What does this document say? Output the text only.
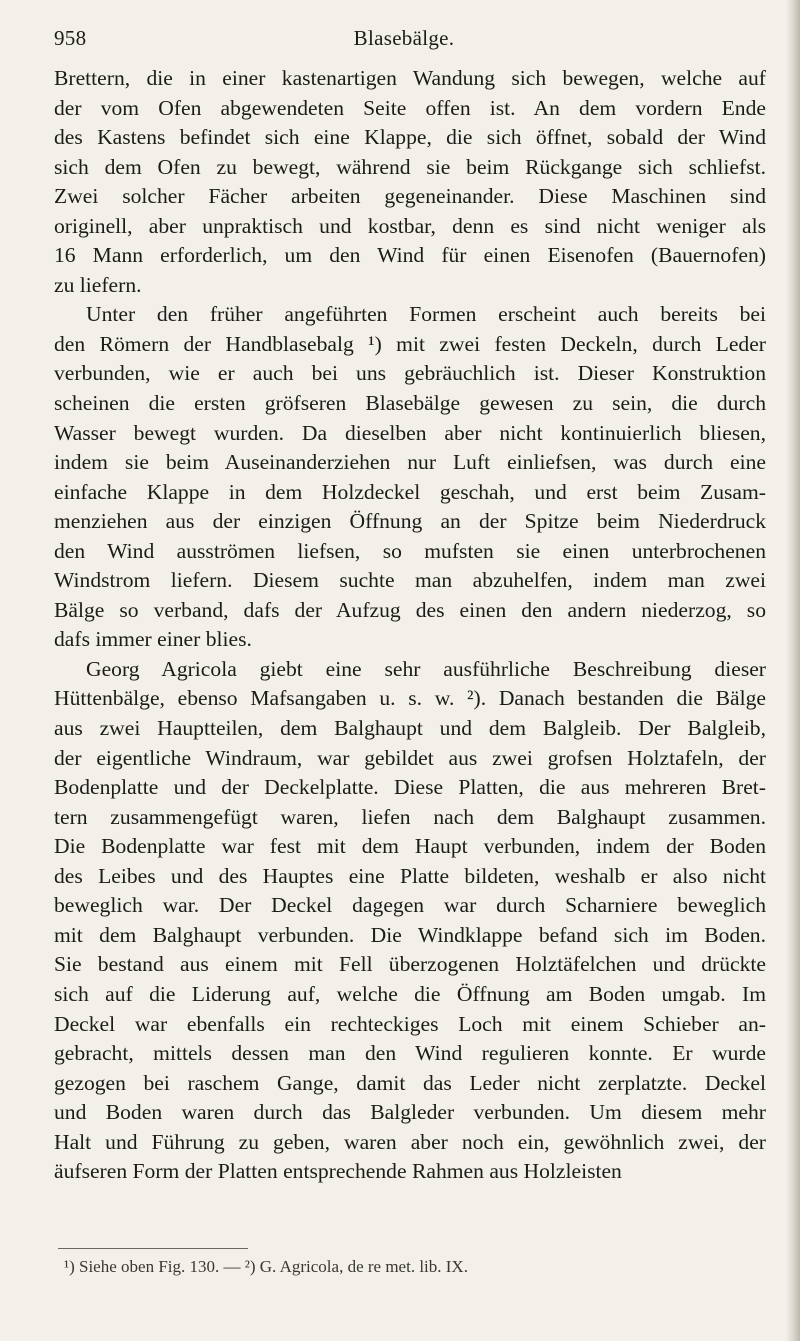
958	Blasebälge.

Brettern, die in einer kastenartigen Wandung sich bewegen, welche auf
der vom Ofen abgewendeten Seite offen ist. An dem vordern Ende
des Kastens befindet sich eine Klappe, die sich öffnet, sobald der Wind
sich dem Ofen zu bewegt, während sie beim Rückgange sich schliefst.
Zwei solcher Fächer arbeiten gegeneinander. Diese Maschinen sind
originell, aber unpraktisch und kostbar, denn es sind nicht weniger als
16 Mann erforderlich, um den Wind für einen Eisenofen (Bauernofen)
zu liefern.

Unter den früher angeführten Formen erscheint auch bereits bei
den Römern der Handblasebalg ¹) mit zwei festen Deckeln, durch Leder
verbunden, wie er auch bei uns gebräuchlich ist. Dieser Konstruktion
scheinen die ersten gröfseren Blasebälge gewesen zu sein, die durch
Wasser bewegt wurden. Da dieselben aber nicht kontinuierlich bliesen,
indem sie beim Auseinanderziehen nur Luft einliefsen, was durch eine
einfache Klappe in dem Holzdeckel geschah, und erst beim Zusam-
menziehen aus der einzigen Öffnung an der Spitze beim Niederdruck
den Wind ausströmen liefsen, so mufsten sie einen unterbrochenen
Windstrom liefern. Diesem suchte man abzuhelfen, indem man zwei
Bälge so verband, dafs der Aufzug des einen den andern niederzog, so
dafs immer einer blies.

Georg Agricola giebt eine sehr ausführliche Beschreibung dieser
Hüttenbälge, ebenso Mafsangaben u. s. w. ²). Danach bestanden die Bälge
aus zwei Hauptteilen, dem Balghaupt und dem Balgleib. Der Balgleib,
der eigentliche Windraum, war gebildet aus zwei grofsen Holztafeln, der
Bodenplatte und der Deckelplatte. Diese Platten, die aus mehreren Bret-
tern zusammengefügt waren, liefen nach dem Balghaupt zusammen.
Die Bodenplatte war fest mit dem Haupt verbunden, indem der Boden
des Leibes und des Hauptes eine Platte bildeten, weshalb er also nicht
beweglich war. Der Deckel dagegen war durch Scharniere beweglich
mit dem Balghaupt verbunden. Die Windklappe befand sich im Boden.
Sie bestand aus einem mit Fell überzogenen Holztäfelchen und drückte
sich auf die Liderung auf, welche die Öffnung am Boden umgab. Im
Deckel war ebenfalls ein rechteckiges Loch mit einem Schieber an-
gebracht, mittels dessen man den Wind regulieren konnte. Er wurde
gezogen bei raschem Gange, damit das Leder nicht zerplatzte. Deckel
und Boden waren durch das Balgleder verbunden. Um diesem mehr
Halt und Führung zu geben, waren aber noch ein, gewöhnlich zwei, der
äufseren Form der Platten entsprechende Rahmen aus Holzleisten

¹) Siehe oben Fig. 130. — ²) G. Agricola, de re met. lib. IX.
